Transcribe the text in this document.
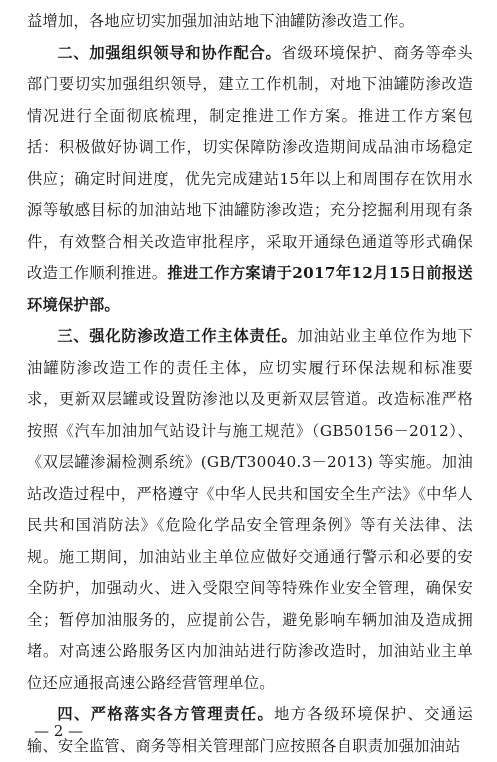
益增加，各地应切实加强加油站地下油罐防渗改造工作。

二、加强组织领导和协作配合。省级环境保护、商务等牵头部门要切实加强组织领导，建立工作机制，对地下油罐防渗改造情况进行全面彻底梳理，制定推进工作方案。推进工作方案包括：积极做好协调工作，切实保障防渗改造期间成品油市场稳定供应；确定时间进度，优先完成建站15年以上和周围存在饮用水源等敏感目标的加油站地下油罐防渗改造；充分挖掘利用现有条件，有效整合相关改造审批程序，采取开通绿色通道等形式确保改造工作顺利推进。推进工作方案请于2017年12月15日前报送环境保护部。

三、强化防渗改造工作主体责任。加油站业主单位作为地下油罐防渗改造工作的责任主体，应切实履行环保法规和标准要求，更新双层罐或设置防渗池以及更新双层管道。改造标准严格按照《汽车加油加气站设计与施工规范》（GB50156－2012）、《双层罐渗漏检测系统》(GB/T30040.3－2013) 等实施。加油站改造过程中，严格遵守《中华人民共和国安全生产法》《中华人民共和国消防法》《危险化学品安全管理条例》等有关法律、法规。施工期间，加油站业主单位应做好交通通行警示和必要的安全防护，加强动火、进入受限空间等特殊作业安全管理，确保安全；暂停加油服务的，应提前公告，避免影响车辆加油及造成拥堵。对高速公路服务区内加油站进行防渗改造时，加油站业主单位还应通报高速公路经营管理单位。

四、严格落实各方管理责任。地方各级环境保护、交通运输、安全监管、商务等相关管理部门应按照各自职责加强加油站

— 2 —
